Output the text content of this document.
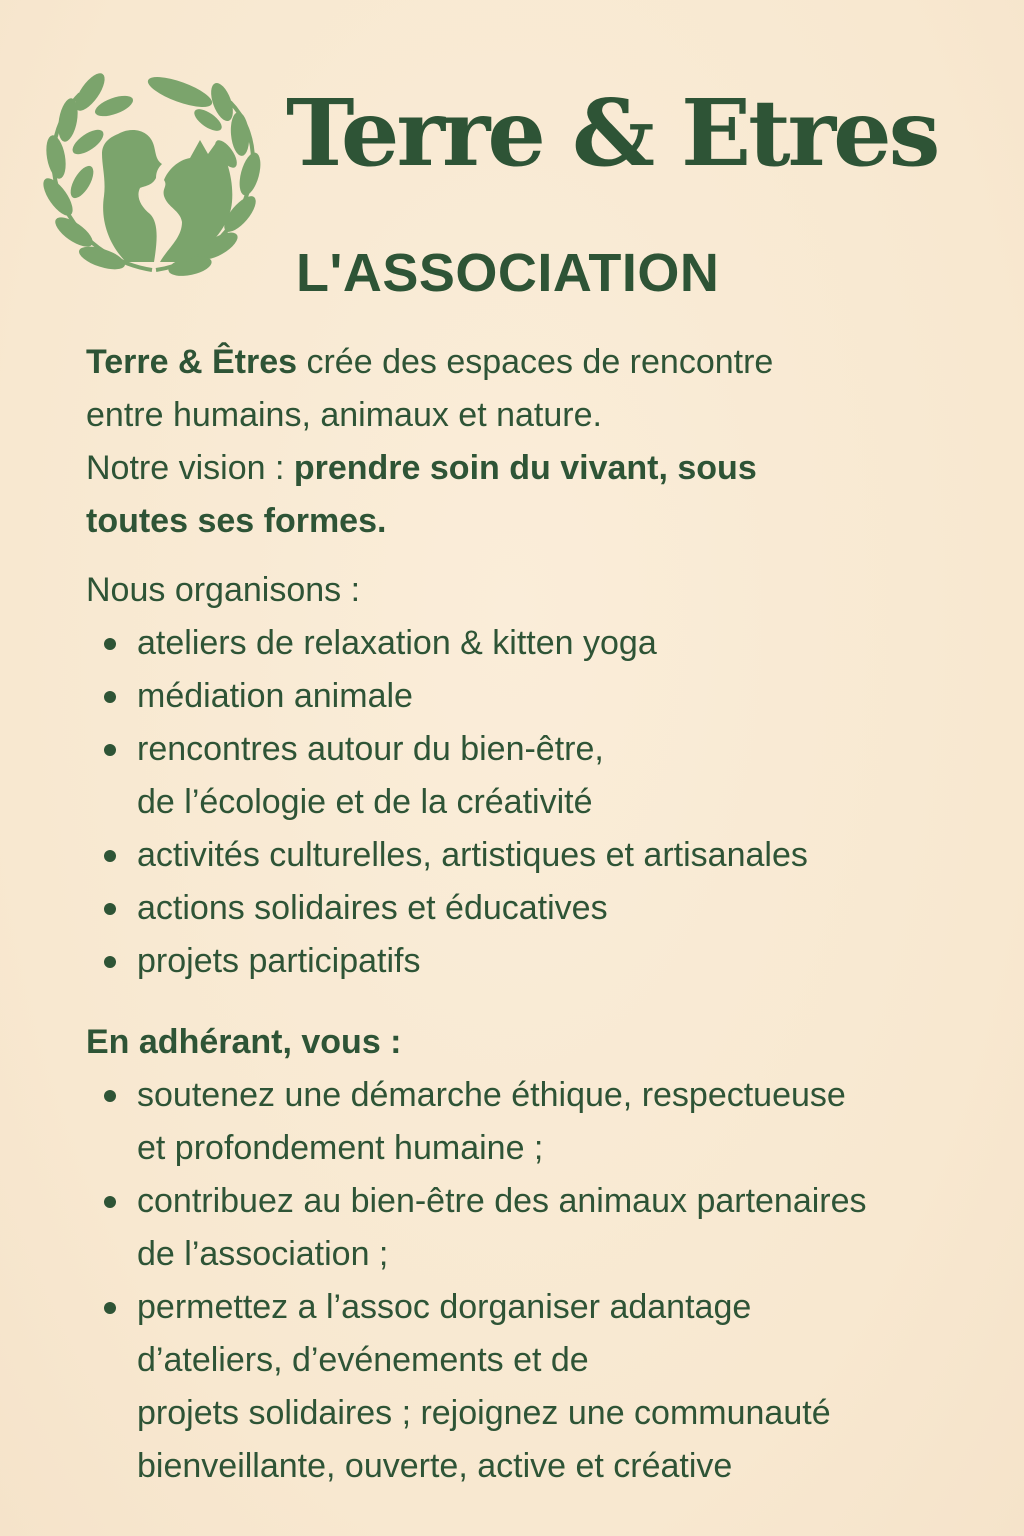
Terre & Etres
L'ASSOCIATION

Terre & Êtres crée des espaces de rencontre

entre humains, animaux et nature.

Notre vision : prendre soin du vivant, sous

toutes ses formes.

Nous organisons :

ateliers de relaxation & kitten yoga
médiation animale
rencontres autour du bien-être,
de l’écologie et de la créativité
activités culturelles, artistiques et artisanales
actions solidaires et éducatives
projets participatifs

En adhérant, vous :

soutenez une démarche éthique, respectueuse
et profondement humaine ;
contribuez au bien-être des animaux partenaires
de l’association ;
permettez a l’assoc dorganiser adantage
d’ateliers, d’evénements et de
projets solidaires ; rejoignez une communauté
bienveillante, ouverte, active et créative
